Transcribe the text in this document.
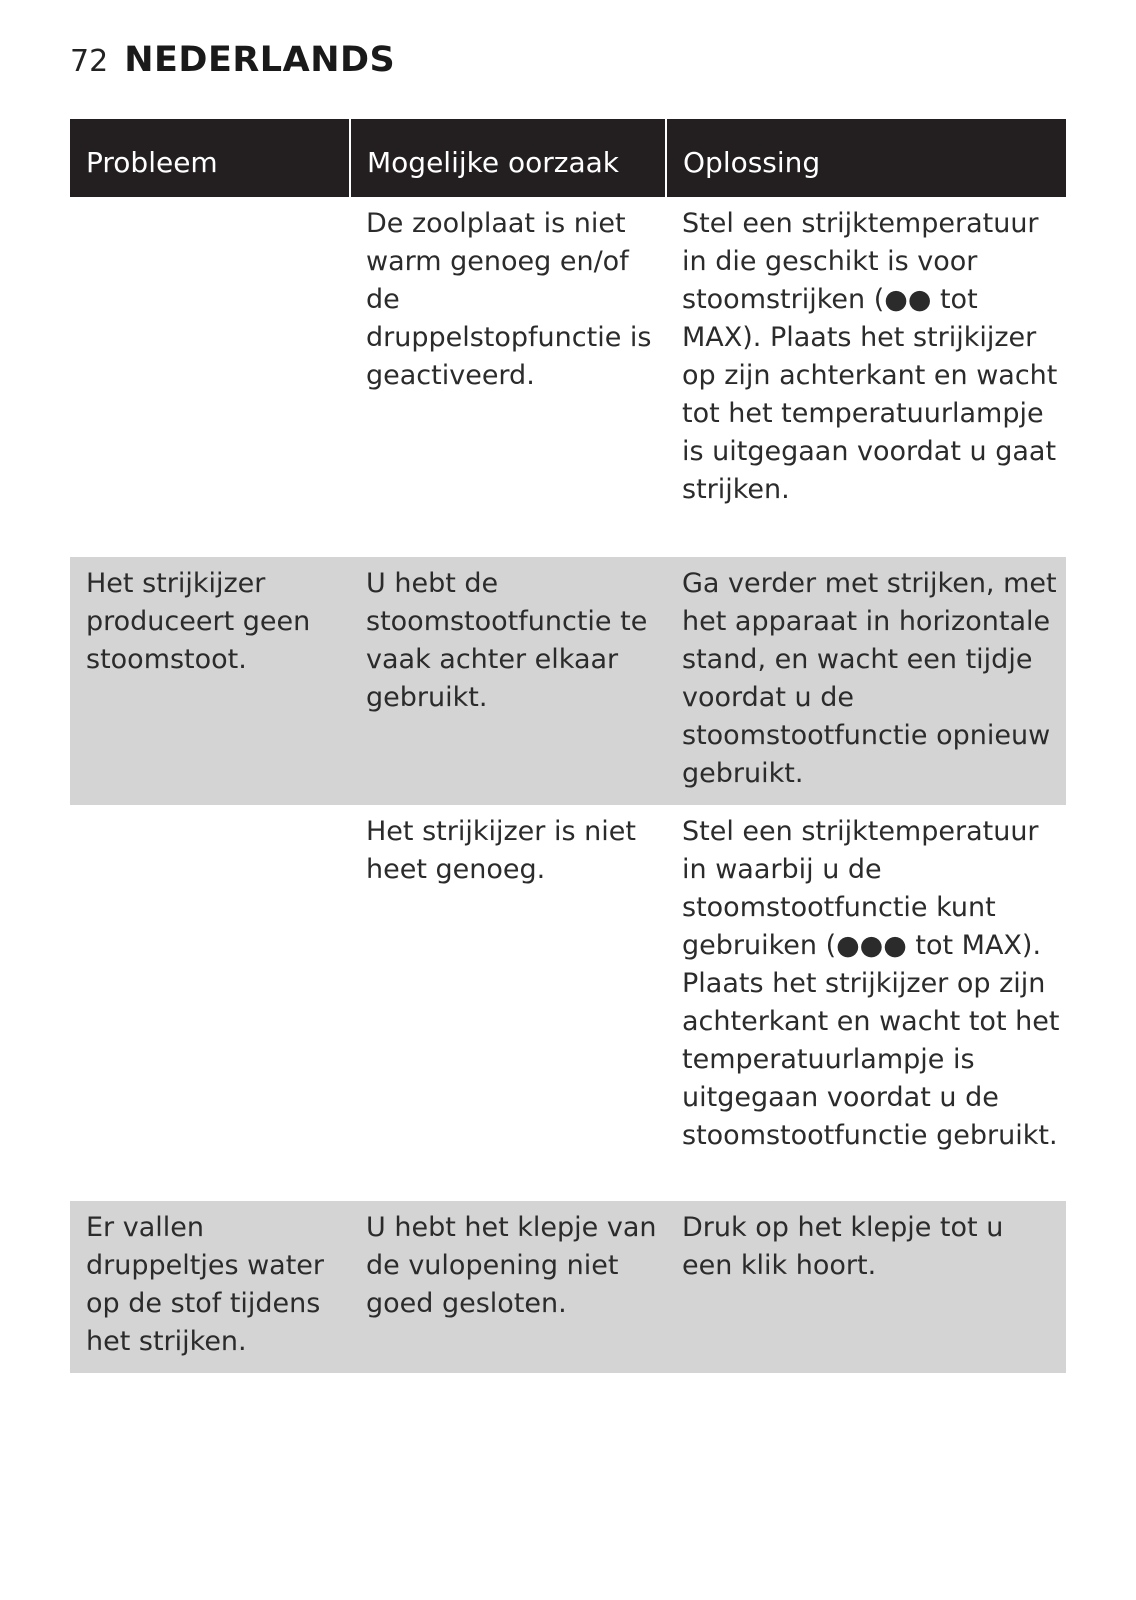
72 NEDERLANDS
Probleem	Mogelijke oorzaak	Oplossing
	De zoolplaat is niet warm genoeg en/of de druppelstopfunctie is geactiveerd.	Stel een strijktemperatuur in die geschikt is voor stoomstrijken (●● tot MAX). Plaats het strijkijzer op zijn achterkant en wacht tot het temperatuurlampje is uitgegaan voordat u gaat strijken.
Het strijkijzer produceert geen stoomstoot.	U hebt de stoomstootfunctie te vaak achter elkaar gebruikt.	Ga verder met strijken, met het apparaat in horizontale stand, en wacht een tijdje voordat u de stoomstootfunctie opnieuw gebruikt.
	Het strijkijzer is niet heet genoeg.	Stel een strijktemperatuur in waarbij u de stoomstootfunctie kunt gebruiken (●●● tot MAX). Plaats het strijkijzer op zijn achterkant en wacht tot het temperatuurlampje is uitgegaan voordat u de stoomstootfunctie gebruikt.
Er vallen druppeltjes water op de stof tijdens het strijken.	U hebt het klepje van de vulopening niet goed gesloten.	Druk op het klepje tot u een klik hoort.
